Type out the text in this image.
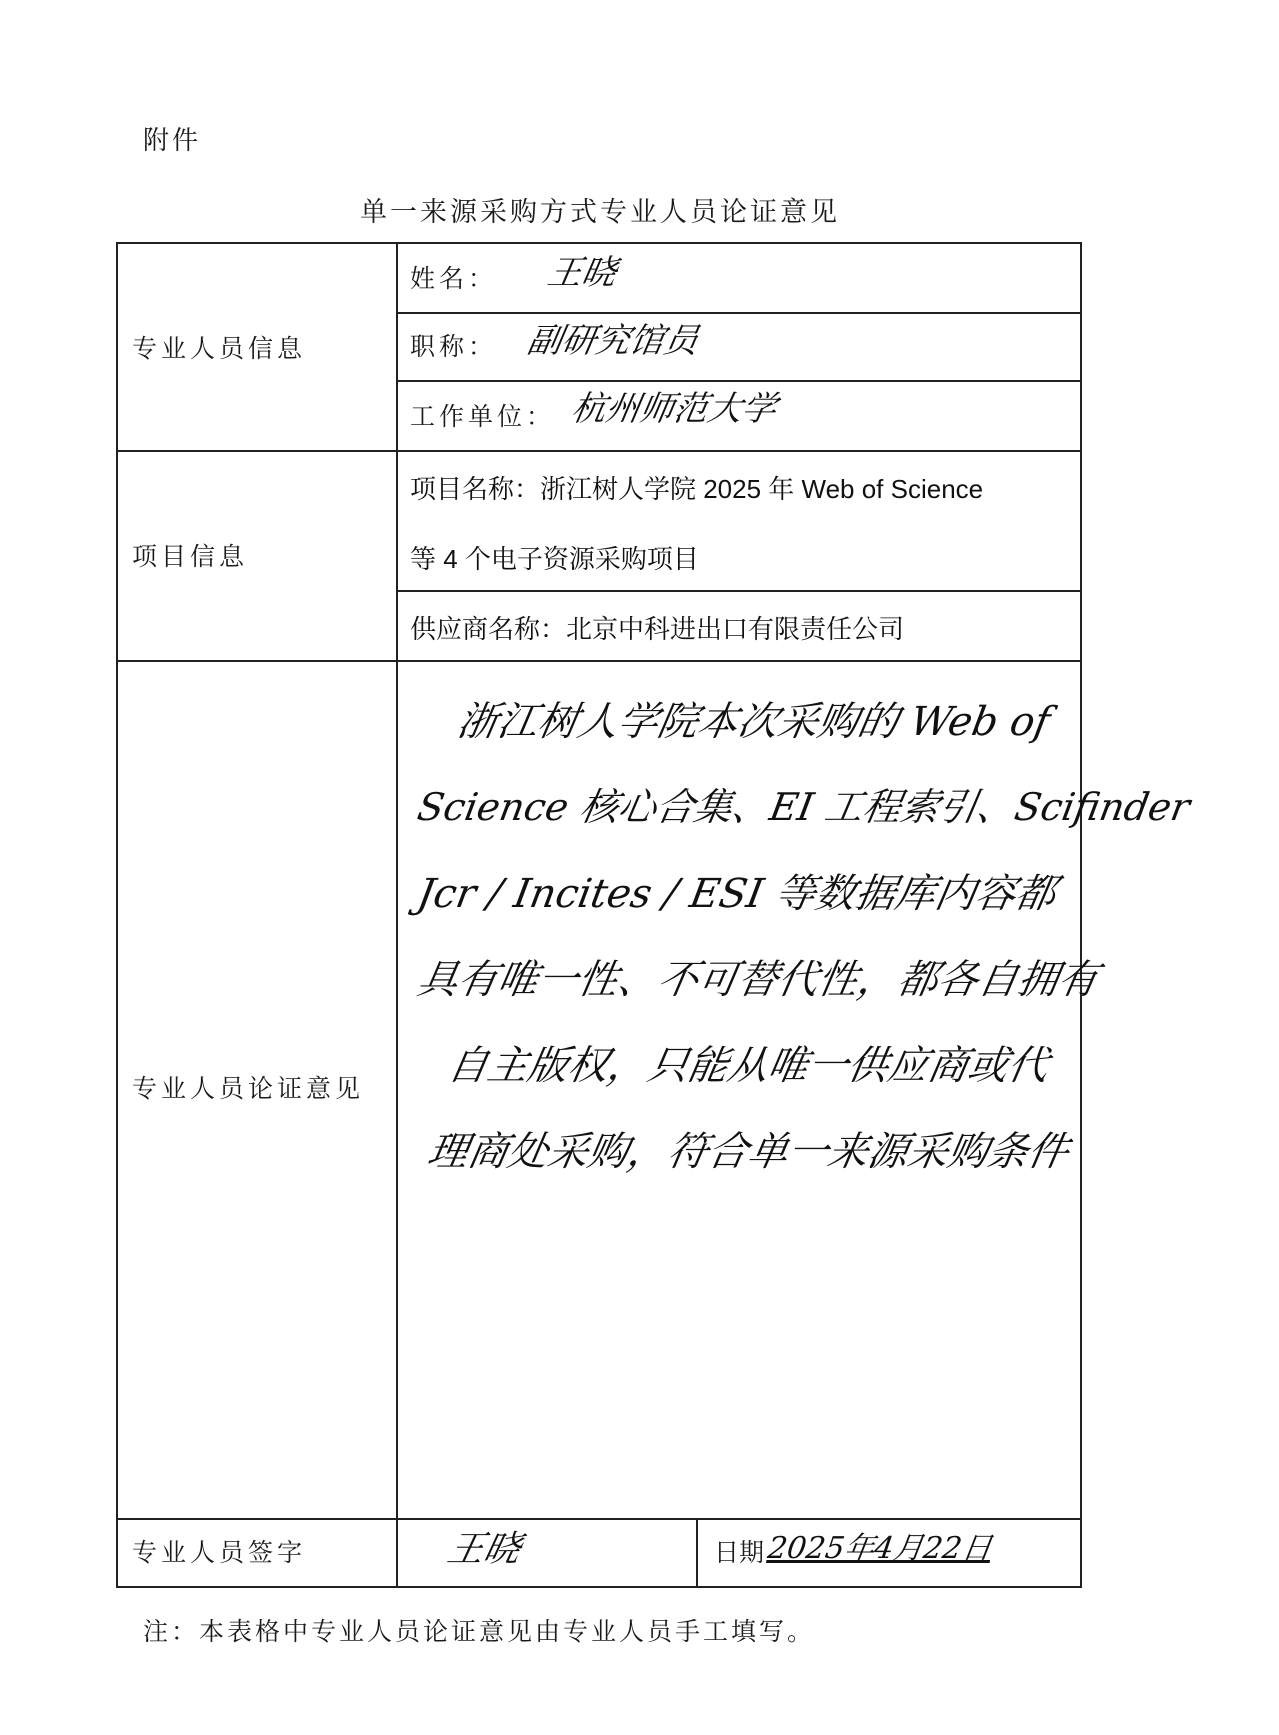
附件
单一来源采购方式专业人员论证意见
专业人员信息
姓名： 王晓
职称： 副研究馆员
工作单位： 杭州师范大学
项目信息
项目名称：浙江树人学院 2025 年 Web of Science
等 4 个电子资源采购项目
供应商名称：北京中科进出口有限责任公司
专业人员论证意见
浙江树人学院本次采购的 Web of
Science 核心合集、EI 工程索引、Scifinder
Jcr / Incites / ESI 等数据库内容都
具有唯一性、不可替代性，都各自拥有
自主版权，只能从唯一供应商或代
理商处采购，符合单一来源采购条件
专业人员签字	王晓	日期 2025年4月22日
注：本表格中专业人员论证意见由专业人员手工填写。
